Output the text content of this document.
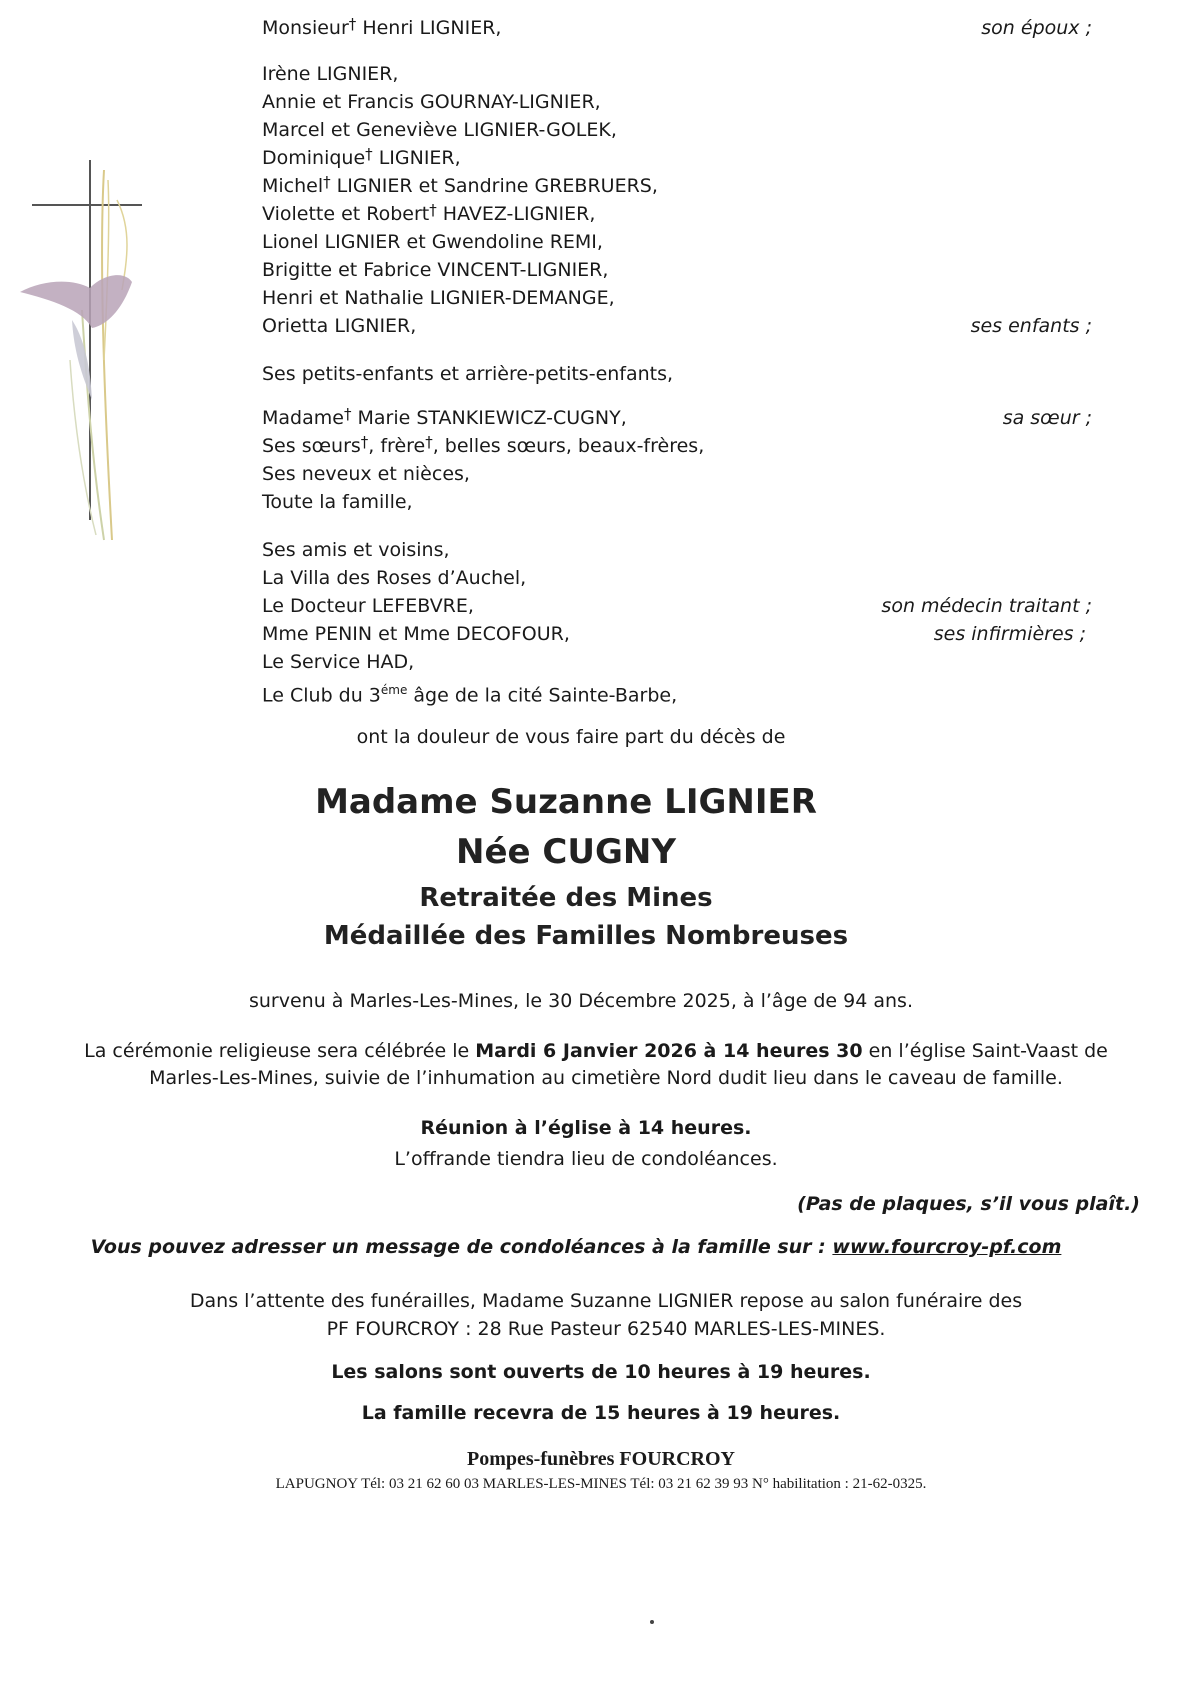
Monsieur† Henri LIGNIER,	son époux ;
Irène LIGNIER,
Annie et Francis GOURNAY-LIGNIER,
Marcel et Geneviève LIGNIER-GOLEK,
Dominique† LIGNIER,
Michel† LIGNIER et Sandrine GREBRUERS,
Violette et Robert† HAVEZ-LIGNIER,
Lionel LIGNIER et Gwendoline REMI,
Brigitte et Fabrice VINCENT-LIGNIER,
Henri et Nathalie LIGNIER-DEMANGE,
Orietta LIGNIER,	ses enfants ;
Ses petits-enfants et arrière-petits-enfants,
Madame† Marie STANKIEWICZ-CUGNY,	sa sœur ;
Ses sœurs†, frère†, belles sœurs, beaux-frères,
Ses neveux et nièces,
Toute la famille,
Ses amis et voisins,
La Villa des Roses d’Auchel,
Le Docteur LEFEBVRE,	son médecin traitant ;
Mme PENIN et Mme DECOFOUR,	ses infirmières ;
Le Service HAD,
Le Club du $3^{éme}$ âge de la cité Sainte-Barbe,
ont la douleur de vous faire part du décès de
Madame Suzanne LIGNIER
Née CUGNY
Retraitée des Mines
Médaillée des Familles Nombreuses
survenu à Marles-Les-Mines, le 30 Décembre 2025, à l’âge de 94 ans.
La cérémonie religieuse sera célébrée le Mardi 6 Janvier 2026 à 14 heures 30 en l’église Saint-Vaast de
Marles-Les-Mines, suivie de l’inhumation au cimetière Nord dudit lieu dans le caveau de famille.
Réunion à l’église à 14 heures.
L’offrande tiendra lieu de condoléances.
(Pas de plaques, s’il vous plaît.)
Vous pouvez adresser un message de condoléances à la famille sur : www.fourcroy-pf.com
Dans l’attente des funérailles, Madame Suzanne LIGNIER repose au salon funéraire des
PF FOURCROY : 28 Rue Pasteur 62540 MARLES-LES-MINES.
Les salons sont ouverts de 10 heures à 19 heures.
La famille recevra de 15 heures à 19 heures.
Pompes-funèbres FOURCROY
LAPUGNOY Tél: 03 21 62 60 03 MARLES-LES-MINES Tél: 03 21 62 39 93 N° habilitation : 21-62-0325.
